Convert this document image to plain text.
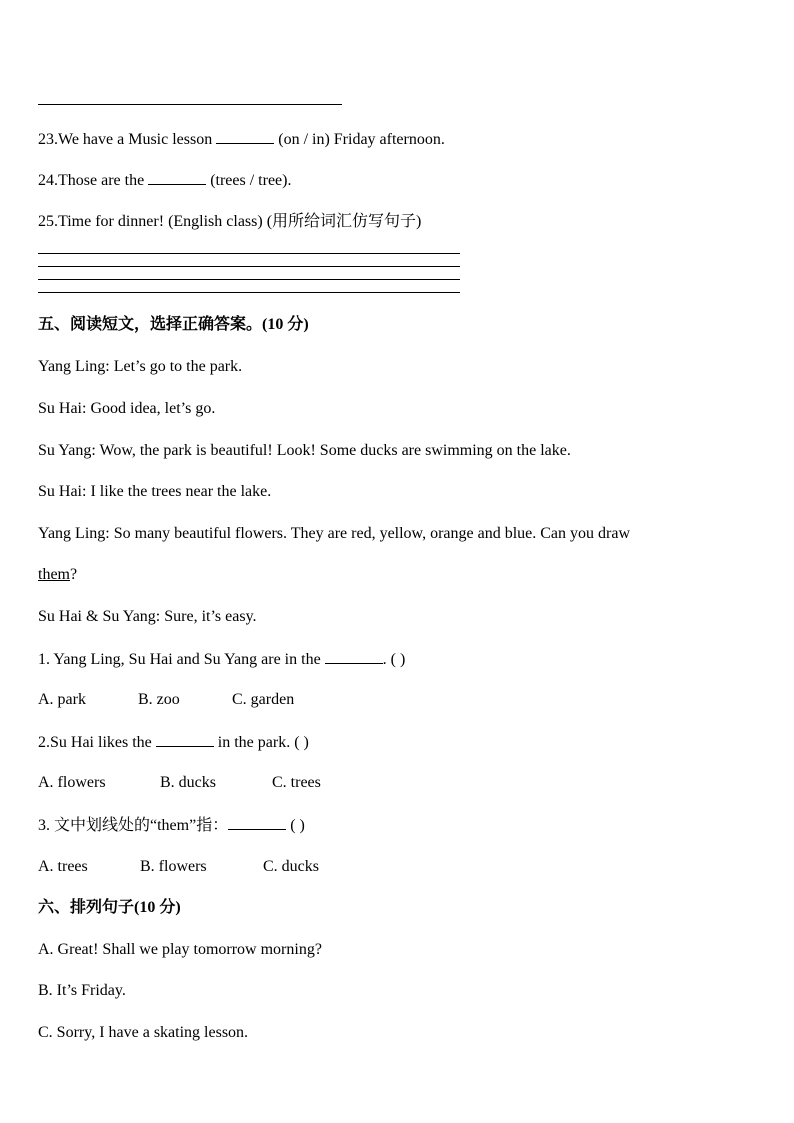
23.We have a Music lesson	(on / in) Friday afternoon.
24.Those are the	(trees / tree).
25.Time for dinner! (English class) (用所给词汇仿写句子)
五、阅读短文，选择正确答案。(10 分)
Yang Ling: Let’s go to the park.
Su Hai: Good idea, let’s go.
Su Yang: Wow, the park is beautiful! Look! Some ducks are swimming on the lake.
Su Hai: I like the trees near the lake.
Yang Ling: So many beautiful flowers. They are red, yellow, orange and blue. Can you draw
them?
Su Hai & Su Yang: Sure, it’s easy.
1. Yang Ling, Su Hai and Su Yang are in the	. ( )
A. park	B. zoo	C. garden
2.Su Hai likes the	in the park. ( )
A. flowers	B. ducks	C. trees
3. 文中划线处的“them”指：	( )
A. trees	B. flowers	C. ducks
六、排列句子(10 分)
A. Great! Shall we play tomorrow morning?
B. It’s Friday.
C. Sorry, I have a skating lesson.
